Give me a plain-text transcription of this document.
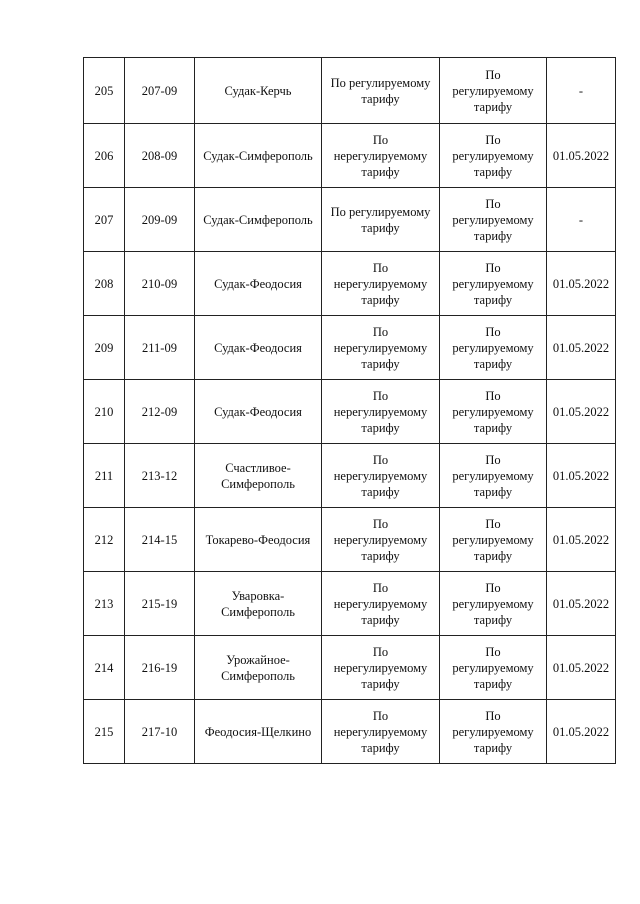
205	207-09	Судак-Керчь	По регулируемому тарифу	По регулируемому тарифу	-
206	208-09	Судак-Симферополь	По нерегулируемому тарифу	По регулируемому тарифу	01.05.2022
207	209-09	Судак-Симферополь	По регулируемому тарифу	По регулируемому тарифу	-
208	210-09	Судак-Феодосия	По нерегулируемому тарифу	По регулируемому тарифу	01.05.2022
209	211-09	Судак-Феодосия	По нерегулируемому тарифу	По регулируемому тарифу	01.05.2022
210	212-09	Судак-Феодосия	По нерегулируемому тарифу	По регулируемому тарифу	01.05.2022
211	213-12	Счастливое-Симферополь	По нерегулируемому тарифу	По регулируемому тарифу	01.05.2022
212	214-15	Токарево-Феодосия	По нерегулируемому тарифу	По регулируемому тарифу	01.05.2022
213	215-19	Уваровка-Симферополь	По нерегулируемому тарифу	По регулируемому тарифу	01.05.2022
214	216-19	Урожайное-Симферополь	По нерегулируемому тарифу	По регулируемому тарифу	01.05.2022
215	217-10	Феодосия-Щелкино	По нерегулируемому тарифу	По регулируемому тарифу	01.05.2022
